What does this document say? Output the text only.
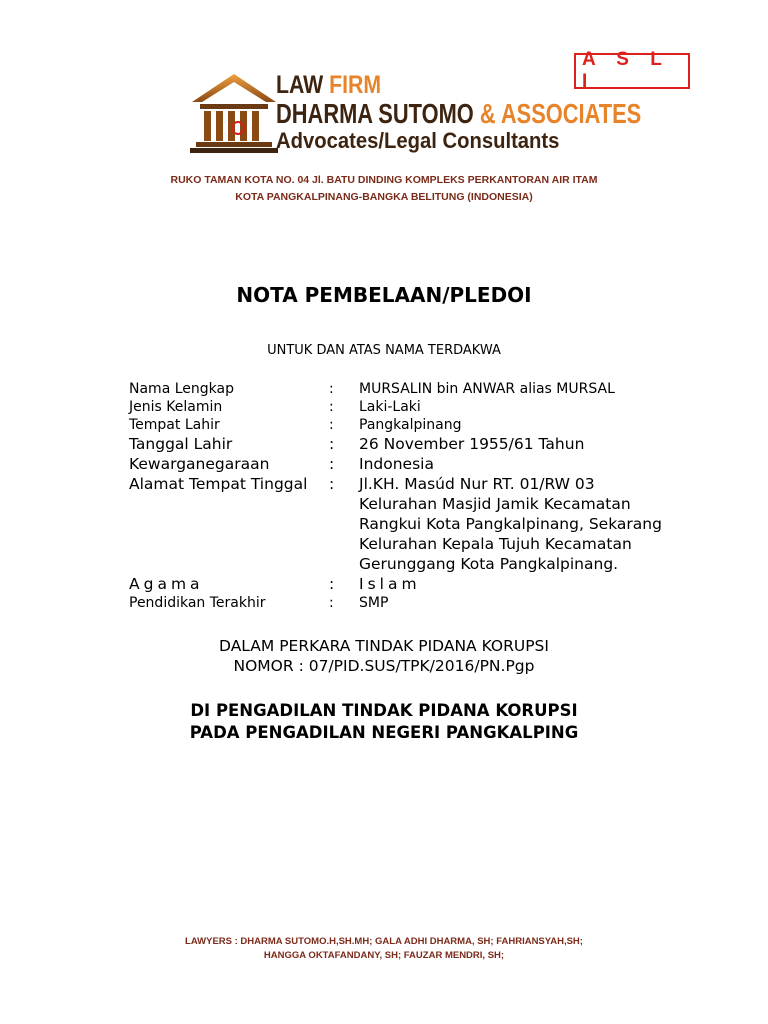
A S L I
LAW FIRM
DHARMA SUTOMO & ASSOCIATES
Advocates/Legal Consultants
RUKO TAMAN KOTA NO. 04 Jl. BATU DINDING KOMPLEKS PERKANTORAN AIR ITAM
KOTA PANGKALPINANG-BANGKA BELITUNG (INDONESIA)
NOTA PEMBELAAN/PLEDOI
UNTUK DAN ATAS NAMA TERDAKWA
Nama Lengkap	:	MURSALIN bin ANWAR alias MURSAL
Jenis Kelamin	:	Laki-Laki
Tempat Lahir	:	Pangkalpinang
Tanggal Lahir	:	26 November 1955/61 Tahun
Kewarganegaraan	:	Indonesia
Alamat Tempat Tinggal	:	Jl.KH. Masúd Nur RT. 01/RW 03
Kelurahan Masjid Jamik Kecamatan
Rangkui Kota Pangkalpinang, Sekarang
Kelurahan Kepala Tujuh Kecamatan
Gerunggang Kota Pangkalpinang.
Agama	:	Islam
Pendidikan Terakhir	:	SMP
DALAM PERKARA TINDAK PIDANA KORUPSI
NOMOR : 07/PID.SUS/TPK/2016/PN.Pgp
DI PENGADILAN TINDAK PIDANA KORUPSI
PADA PENGADILAN NEGERI PANGKALPING
LAWYERS : DHARMA SUTOMO.H,SH.MH; GALA ADHI DHARMA, SH; FAHRIANSYAH,SH;
HANGGA OKTAFANDANY, SH; FAUZAR MENDRI, SH;
